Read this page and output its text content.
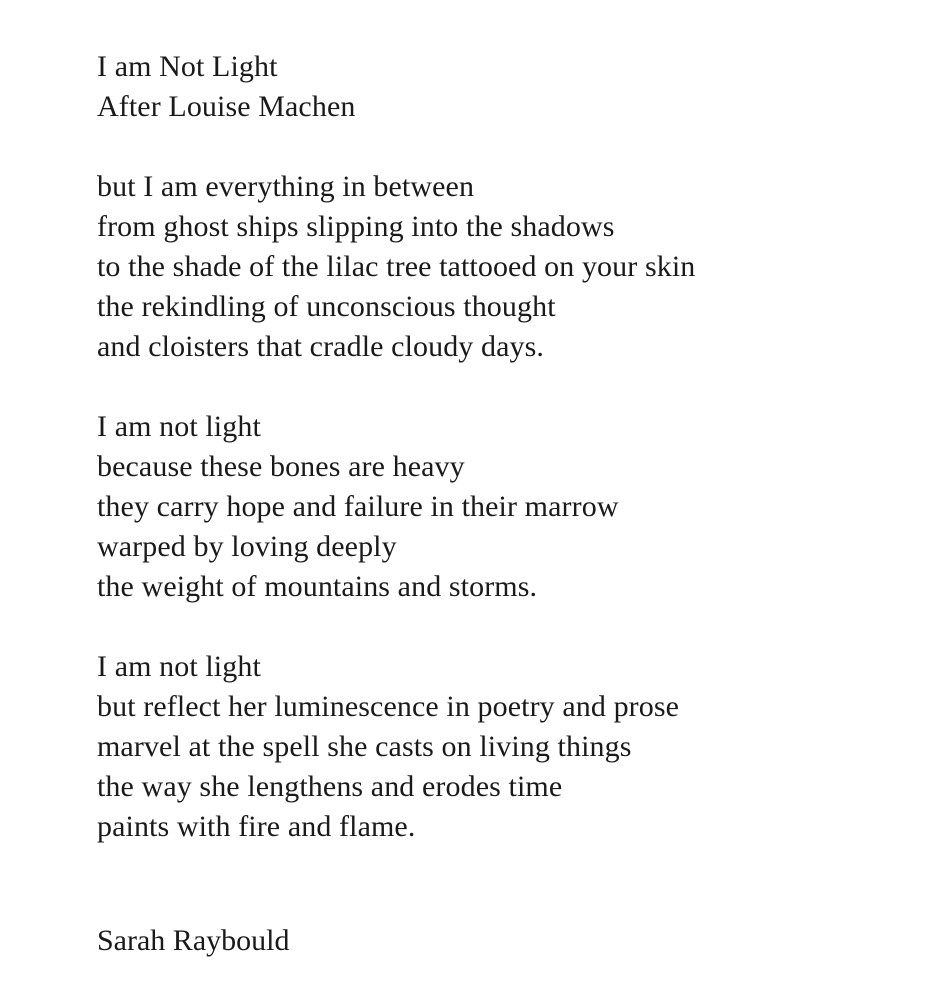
I am Not Light
After Louise Machen
but I am everything in between
from ghost ships slipping into the shadows
to the shade of the lilac tree tattooed on your skin
the rekindling of unconscious thought
and cloisters that cradle cloudy days.
I am not light
because these bones are heavy
they carry hope and failure in their marrow
warped by loving deeply
the weight of mountains and storms.
I am not light
but reflect her luminescence in poetry and prose
marvel at the spell she casts on living things
the way she lengthens and erodes time
paints with fire and flame.
Sarah Raybould
